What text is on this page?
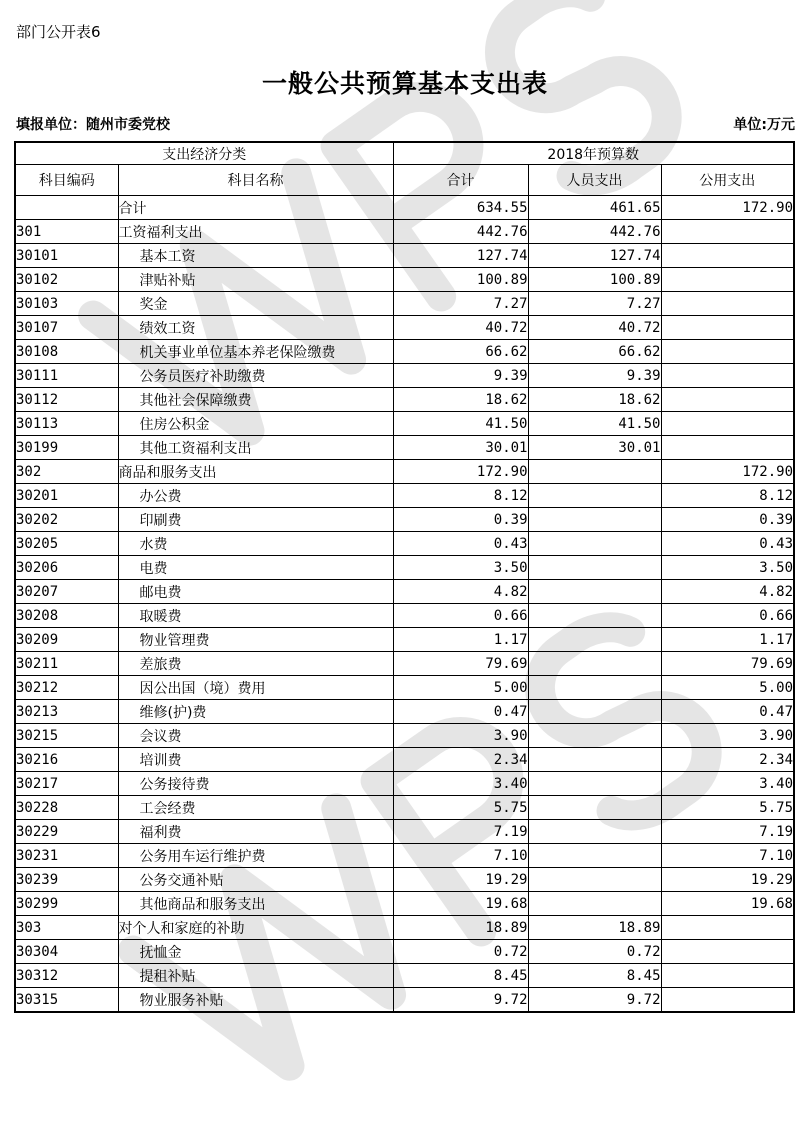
部门公开表6
一般公共预算基本支出表
填报单位：随州市委党校	单位:万元
支出经济分类		2018年预算数		
科目编码	科目名称	合计	人员支出	公用支出
	合计	634.55	461.65	172.90
301	工资福利支出	442.76	442.76	
30101	基本工资	127.74	127.74	
30102	津贴补贴	100.89	100.89	
30103	奖金	7.27	7.27	
30107	绩效工资	40.72	40.72	
30108	机关事业单位基本养老保险缴费	66.62	66.62	
30111	公务员医疗补助缴费	9.39	9.39	
30112	其他社会保障缴费	18.62	18.62	
30113	住房公积金	41.50	41.50	
30199	其他工资福利支出	30.01	30.01	
302	商品和服务支出	172.90		172.90
30201	办公费	8.12		8.12
30202	印刷费	0.39		0.39
30205	水费	0.43		0.43
30206	电费	3.50		3.50
30207	邮电费	4.82		4.82
30208	取暖费	0.66		0.66
30209	物业管理费	1.17		1.17
30211	差旅费	79.69		79.69
30212	因公出国（境）费用	5.00		5.00
30213	维修(护)费	0.47		0.47
30215	会议费	3.90		3.90
30216	培训费	2.34		2.34
30217	公务接待费	3.40		3.40
30228	工会经费	5.75		5.75
30229	福利费	7.19		7.19
30231	公务用车运行维护费	7.10		7.10
30239	公务交通补贴	19.29		19.29
30299	其他商品和服务支出	19.68		19.68
303	对个人和家庭的补助	18.89	18.89	
30304	抚恤金	0.72	0.72	
30312	提租补贴	8.45	8.45	
30315	物业服务补贴	9.72	9.72	
